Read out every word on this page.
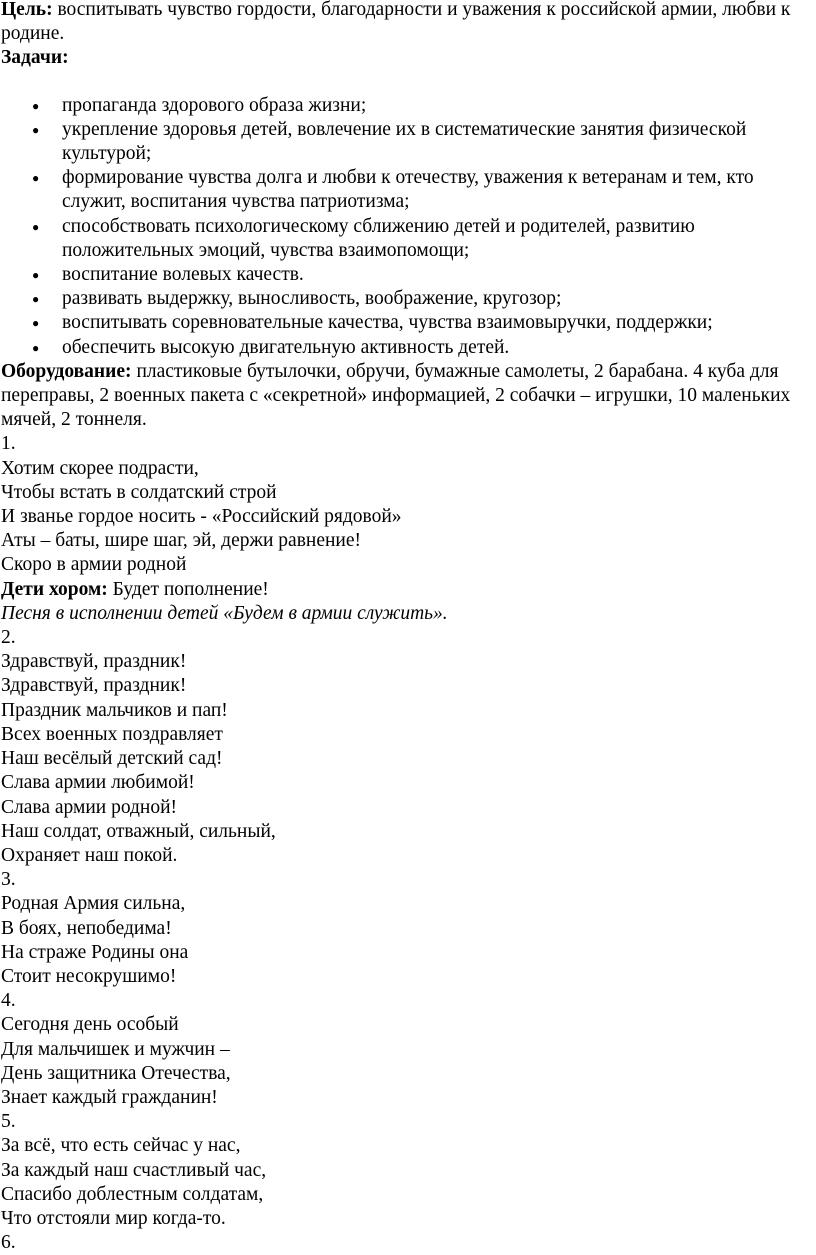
Цель: воспитывать чувство гордости, благодарности и уважения к российской армии, любви к родине.

Задачи:

● пропаганда здорового образа жизни;
● укрепление здоровья детей, вовлечение их в систематические занятия физической культурой;
● формирование чувства долга и любви к отечеству, уважения к ветеранам и тем, кто служит, воспитания чувства патриотизма;
● способствовать психологическому сближению детей и родителей, развитию положительных эмоций, чувства взаимопомощи;
● воспитание волевых качеств.
● развивать выдержку, выносливость, воображение, кругозор;
● воспитывать соревновательные качества, чувства взаимовыручки, поддержки;
● обеспечить высокую двигательную активность детей.

Оборудование: пластиковые бутылочки, обручи, бумажные самолеты, 2 барабана. 4 куба для переправы, 2 военных пакета с «секретной» информацией, 2 собачки – игрушки, 10 маленьких мячей, 2 тоннеля.

1.

Хотим скорее подрасти,

Чтобы встать в солдатский строй

И званье гордое носить - «Российский рядовой»

Аты – баты, шире шаг, эй, держи равнение!

Скоро в армии родной

Дети хором: Будет пополнение!

Песня в исполнении детей «Будем в армии служить».

2.

Здравствуй, праздник!

Здравствуй, праздник!

Праздник мальчиков и пап!

Всех военных поздравляет

Наш весёлый детский сад!

Слава армии любимой!

Слава армии родной!

Наш солдат, отважный, сильный,

Охраняет наш покой.

3.

Родная Армия сильна,

В боях, непобедима!

На страже Родины она

Стоит несокрушимо!

4.

Сегодня день особый

Для мальчишек и мужчин –

День защитника Отечества,

Знает каждый гражданин!

5.

За всё, что есть сейчас у нас,

За каждый наш счастливый час,

Спасибо доблестным солдатам,

Что отстояли мир когда-то.

6.
